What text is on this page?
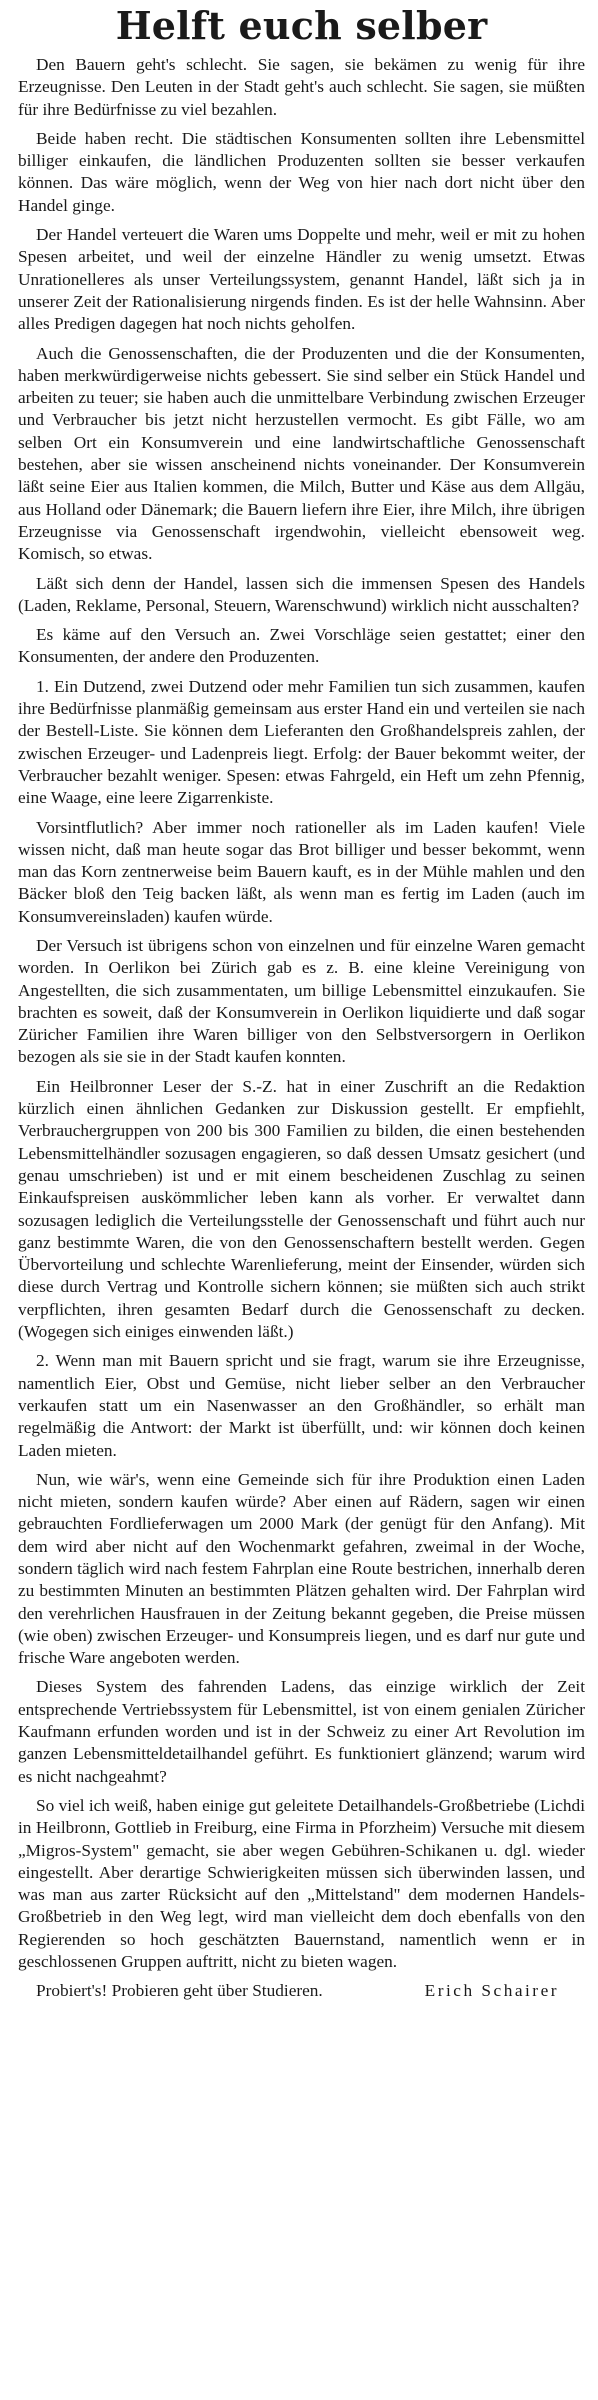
Helft euch selber

Den Bauern geht's schlecht. Sie sagen, sie bekämen zu wenig für ihre Erzeugnisse. Den Leuten in der Stadt geht's auch schlecht. Sie sagen, sie müßten für ihre Bedürfnisse zu viel bezahlen.

Beide haben recht. Die städtischen Konsumenten sollten ihre Lebensmittel billiger einkaufen, die ländlichen Produzenten sollten sie besser verkaufen können. Das wäre möglich, wenn der Weg von hier nach dort nicht über den Handel ginge.

Der Handel verteuert die Waren ums Doppelte und mehr, weil er mit zu hohen Spesen arbeitet, und weil der einzelne Händler zu wenig umsetzt. Etwas Unrationelleres als unser Verteilungssystem, genannt Handel, läßt sich ja in unserer Zeit der Rationalisierung nirgends finden. Es ist der helle Wahnsinn. Aber alles Predigen dagegen hat noch nichts geholfen.

Auch die Genossenschaften, die der Produzenten und die der Konsumenten, haben merkwürdigerweise nichts gebessert. Sie sind selber ein Stück Handel und arbeiten zu teuer; sie haben auch die unmittelbare Verbindung zwischen Erzeuger und Verbraucher bis jetzt nicht herzustellen vermocht. Es gibt Fälle, wo am selben Ort ein Konsumverein und eine landwirtschaftliche Genossenschaft bestehen, aber sie wissen anscheinend nichts voneinander. Der Konsumverein läßt seine Eier aus Italien kommen, die Milch, Butter und Käse aus dem Allgäu, aus Holland oder Dänemark; die Bauern liefern ihre Eier, ihre Milch, ihre übrigen Erzeugnisse via Genossenschaft irgendwohin, vielleicht ebensoweit weg. Komisch, so etwas.

Läßt sich denn der Handel, lassen sich die immensen Spesen des Handels (Laden, Reklame, Personal, Steuern, Warenschwund) wirklich nicht ausschalten?

Es käme auf den Versuch an. Zwei Vorschläge seien gestattet; einer den Konsumenten, der andere den Produzenten.

1. Ein Dutzend, zwei Dutzend oder mehr Familien tun sich zusammen, kaufen ihre Bedürfnisse planmäßig gemeinsam aus erster Hand ein und verteilen sie nach der Bestell-Liste. Sie können dem Lieferanten den Großhandelspreis zahlen, der zwischen Erzeuger- und Ladenpreis liegt. Erfolg: der Bauer bekommt weiter, der Verbraucher bezahlt weniger. Spesen: etwas Fahrgeld, ein Heft um zehn Pfennig, eine Waage, eine leere Zigarrenkiste.

Vorsintflutlich? Aber immer noch rationeller als im Laden kaufen! Viele wissen nicht, daß man heute sogar das Brot billiger und besser bekommt, wenn man das Korn zentnerweise beim Bauern kauft, es in der Mühle mahlen und den Bäcker bloß den Teig backen läßt, als wenn man es fertig im Laden (auch im Konsumvereinsladen) kaufen würde.

Der Versuch ist übrigens schon von einzelnen und für einzelne Waren gemacht worden. In Oerlikon bei Zürich gab es z. B. eine kleine Vereinigung von Angestellten, die sich zusammentaten, um billige Lebensmittel einzukaufen. Sie brachten es soweit, daß der Konsumverein in Oerlikon liquidierte und daß sogar Züricher Familien ihre Waren billiger von den Selbstversorgern in Oerlikon bezogen als sie sie in der Stadt kaufen konnten.

Ein Heilbronner Leser der S.-Z. hat in einer Zuschrift an die Redaktion kürzlich einen ähnlichen Gedanken zur Diskussion gestellt. Er empfiehlt, Verbrauchergruppen von 200 bis 300 Familien zu bilden, die einen bestehenden Lebensmittelhändler sozusagen engagieren, so daß dessen Umsatz gesichert (und genau umschrieben) ist und er mit einem bescheidenen Zuschlag zu seinen Einkaufspreisen auskömmlicher leben kann als vorher. Er verwaltet dann sozusagen lediglich die Verteilungsstelle der Genossenschaft und führt auch nur ganz bestimmte Waren, die von den Genossenschaftern bestellt werden. Gegen Übervorteilung und schlechte Warenlieferung, meint der Einsender, würden sich diese durch Vertrag und Kontrolle sichern können; sie müßten sich auch strikt verpflichten, ihren gesamten Bedarf durch die Genossenschaft zu decken. (Wogegen sich einiges einwenden läßt.)

2. Wenn man mit Bauern spricht und sie fragt, warum sie ihre Erzeugnisse, namentlich Eier, Obst und Gemüse, nicht lieber selber an den Verbraucher verkaufen statt um ein Nasenwasser an den Großhändler, so erhält man regelmäßig die Antwort: der Markt ist überfüllt, und: wir können doch keinen Laden mieten.

Nun, wie wär's, wenn eine Gemeinde sich für ihre Produktion einen Laden nicht mieten, sondern kaufen würde? Aber einen auf Rädern, sagen wir einen gebrauchten Fordlieferwagen um 2000 Mark (der genügt für den Anfang). Mit dem wird aber nicht auf den Wochenmarkt gefahren, zweimal in der Woche, sondern täglich wird nach festem Fahrplan eine Route bestrichen, innerhalb deren zu bestimmten Minuten an bestimmten Plätzen gehalten wird. Der Fahrplan wird den verehrlichen Hausfrauen in der Zeitung bekannt gegeben, die Preise müssen (wie oben) zwischen Erzeuger- und Konsumpreis liegen, und es darf nur gute und frische Ware angeboten werden.

Dieses System des fahrenden Ladens, das einzige wirklich der Zeit entsprechende Vertriebssystem für Lebensmittel, ist von einem genialen Züricher Kaufmann erfunden worden und ist in der Schweiz zu einer Art Revolution im ganzen Lebensmitteldetailhandel geführt. Es funktioniert glänzend; warum wird es nicht nachgeahmt?

So viel ich weiß, haben einige gut geleitete Detailhandels-Großbetriebe (Lichdi in Heilbronn, Gottlieb in Freiburg, eine Firma in Pforzheim) Versuche mit diesem „Migros-System" gemacht, sie aber wegen Gebühren-Schikanen u. dgl. wieder eingestellt. Aber derartige Schwierigkeiten müssen sich überwinden lassen, und was man aus zarter Rücksicht auf den „Mittelstand" dem modernen Handels-Großbetrieb in den Weg legt, wird man vielleicht dem doch ebenfalls von den Regierenden so hoch geschätzten Bauernstand, namentlich wenn er in geschlossenen Gruppen auftritt, nicht zu bieten wagen.

Probiert's! Probieren geht über Studieren.	Erich Schairer
